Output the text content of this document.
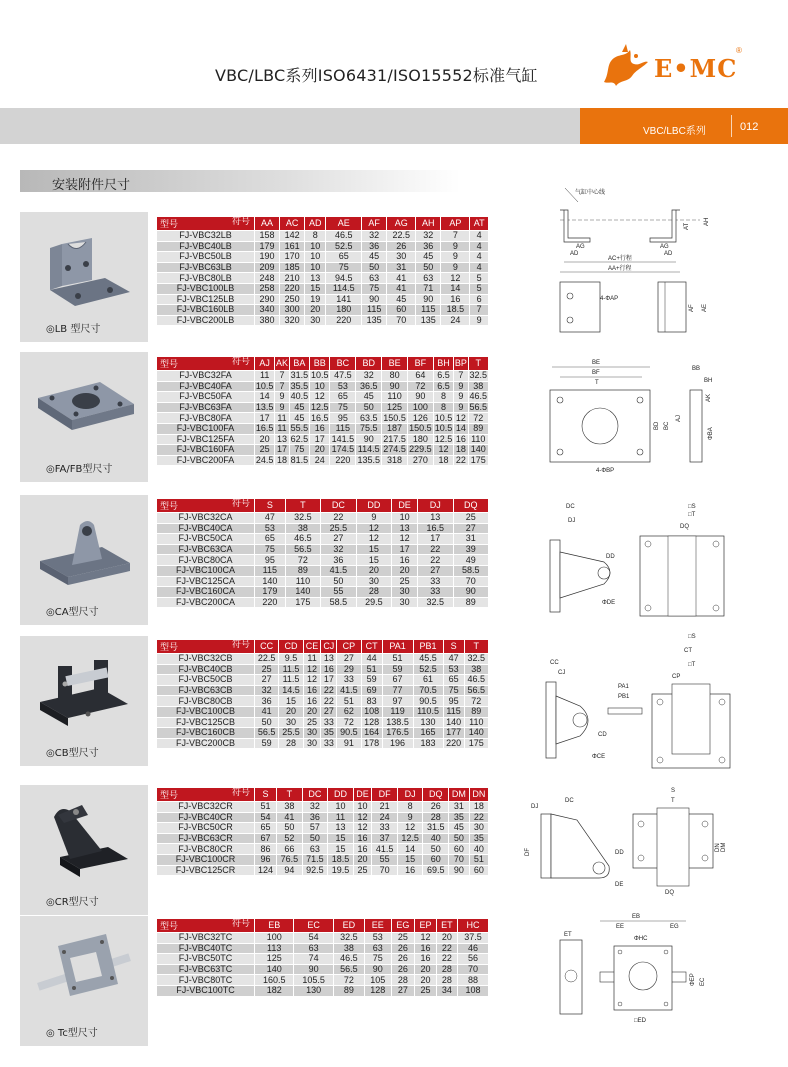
VBC/LBC系列ISO6431/ISO15552标准气缸	E•MC
®
VBC/LBC系列	012
安装附件尺寸
◎LB 型尺寸
型号 符号	AA	AC	AD	AE	AF	AG	AH	AP	AT
FJ-VBC32LB	158	142	8	46.5	32	22.5	32	7	4
FJ-VBC40LB	179	161	10	52.5	36	26	36	9	4
FJ-VBC50LB	190	170	10	65	45	30	45	9	4
FJ-VBC63LB	209	185	10	75	50	31	50	9	4
FJ-VBC80LB	248	210	13	94.5	63	41	63	12	5
FJ-VBC100LB	258	220	15	114.5	75	41	71	14	5
FJ-VBC125LB	290	250	19	141	90	45	90	16	6
FJ-VBC160LB	340	300	20	180	115	60	115	18.5	7
FJ-VBC200LB	380	320	30	220	135	70	135	24	9
气缸中心线
AG
AD
AG
AD
AC+行程
AA+行程
AT
AH
4-ΦAP
AF AE
◎FA/FB型尺寸
型号 符号	AJ	AK	BA	BB	BC	BD	BE	BF	BH	BP	T
FJ-VBC32FA	11	7	31.5	10.5	47.5	32	80	64	6.5	7	32.5
FJ-VBC40FA	10.5	7	35.5	10	53	36.5	90	72	6.5	9	38
FJ-VBC50FA	14	9	40.5	12	65	45	110	90	8	9	46.5
FJ-VBC63FA	13.5	9	45	12.5	75	50	125	100	8	9	56.5
FJ-VBC80FA	17	11	45	16.5	95	63.5	150.5	126	10.5	12	72
FJ-VBC100FA	16.5	11	55.5	16	115	75.5	187	150.5	10.5	14	89
FJ-VBC125FA	20	13	62.5	17	141.5	90	217.5	180	12.5	16	110
FJ-VBC160FA	25	17	75	20	174.5	114.5	274.5	229.5	12	18	140
FJ-VBC200FA	24.5	18	81.5	24	220	135.5	318	270	18	22	175
BE
BF
T
BD BC
4-ΦBP
BB
BH
AK
AJ
ΦBA
◎CA型尺寸
型号 符号	S	T	DC	DD	DE	DJ	DQ
FJ-VBC32CA	47	32.5	22	9	10	13	25
FJ-VBC40CA	53	38	25.5	12	13	16.5	27
FJ-VBC50CA	65	46.5	27	12	12	17	31
FJ-VBC63CA	75	56.5	32	15	17	22	39
FJ-VBC80CA	95	72	36	15	16	22	49
FJ-VBC100CA	115	89	41.5	20	20	27	58.5
FJ-VBC125CA	140	110	50	30	25	33	70
FJ-VBC160CA	179	140	55	28	30	33	90
FJ-VBC200CA	220	175	58.5	29.5	30	32.5	89
DC
DJ
DD
ΦDE
□S
□T
DQ
◎CB型尺寸
型号 符号	CC	CD	CE	CJ	CP	CT	PA1	PB1	S	T
FJ-VBC32CB	22.5	9.5	11	13	27	44	51	45.5	47	32.5
FJ-VBC40CB	25	11.5	12	16	29	51	59	52.5	53	38
FJ-VBC50CB	27	11.5	12	17	33	59	67	61	65	46.5
FJ-VBC63CB	32	14.5	16	22	41.5	69	77	70.5	75	56.5
FJ-VBC80CB	36	15	16	22	51	83	97	90.5	95	72
FJ-VBC100CB	41	20	20	27	62	108	119	110.5	115	89
FJ-VBC125CB	50	30	25	33	72	128	138.5	130	140	110
FJ-VBC160CB	56.5	25.5	30	35	90.5	164	176.5	165	177	140
FJ-VBC200CB	59	28	30	33	91	178	196	183	220	175
CC
CJ
CD
ΦCE
PA1
PB1
□S
CT
□T
CP
◎CR型尺寸
型号 符号	S	T	DC	DD	DE	DF	DJ	DQ	DM	DN
FJ-VBC32CR	51	38	32	10	10	21	8	26	31	18
FJ-VBC40CR	54	41	36	11	12	24	9	28	35	22
FJ-VBC50CR	65	50	57	13	12	33	12	31.5	45	30
FJ-VBC63CR	67	52	50	15	16	37	12.5	40	50	35
FJ-VBC80CR	86	66	63	15	16	41.5	14	50	60	40
FJ-VBC100CR	96	76.5	71.5	18.5	20	55	15	60	70	51
FJ-VBC125CR	124	94	92.5	19.5	25	70	16	69.5	90	60
DJ
DC
DF	DD
DE
S
T
DN DM
DQ
◎ Tc型尺寸
型号 符号	EB	EC	ED	EE	EG	EP	ET	HC
FJ-VBC32TC	100	54	32.5	53	25	12	20	37.5
FJ-VBC40TC	113	63	38	63	26	16	22	46
FJ-VBC50TC	125	74	46.5	75	26	16	22	56
FJ-VBC63TC	140	90	56.5	90	26	20	28	70
FJ-VBC80TC	160.5	105.5	72	105	28	20	28	88
FJ-VBC100TC	182	130	89	128	27	25	34	108
EB
ET
EE	EG
ΦHC
ΦEP EC
□ED
